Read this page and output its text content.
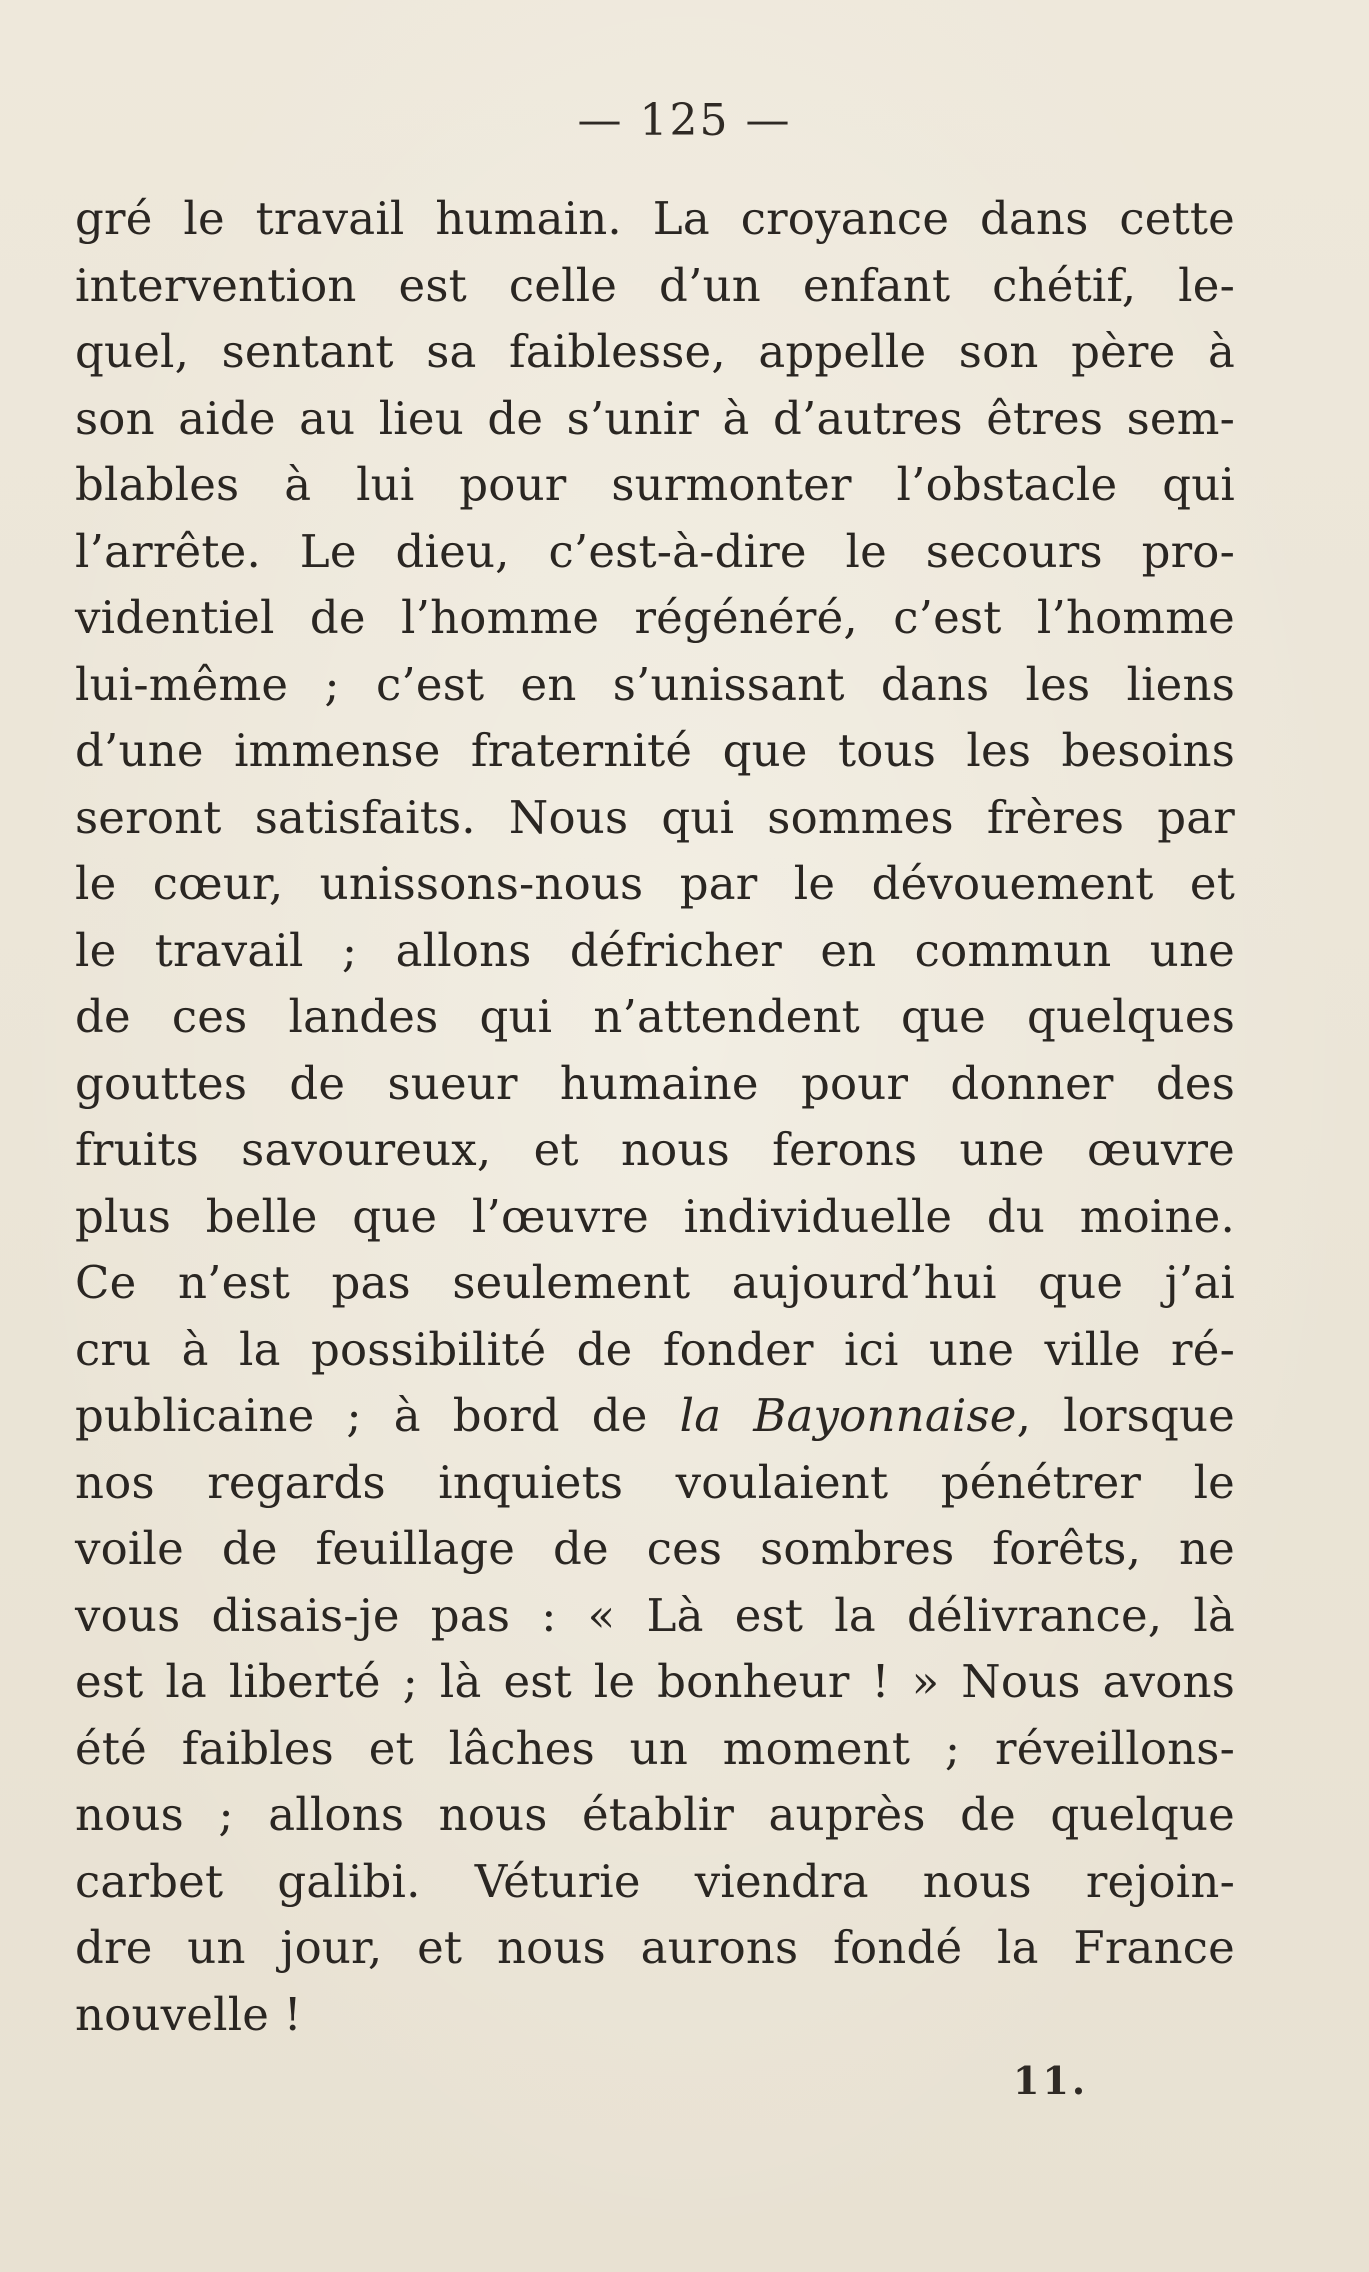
— 125 —
gré le travail humain. La croyance dans cette
intervention est celle d’un enfant chétif, le-
quel, sentant sa faiblesse, appelle son père à
son aide au lieu de s’unir à d’autres êtres sem-
blables à lui pour surmonter l’obstacle qui
l’arrête. Le dieu, c’est-à-dire le secours pro-
videntiel de l’homme régénéré, c’est l’homme
lui-même ; c’est en s’unissant dans les liens
d’une immense fraternité que tous les besoins
seront satisfaits. Nous qui sommes frères par
le cœur, unissons-nous par le dévouement et
le travail ; allons défricher en commun une
de ces landes qui n’attendent que quelques
gouttes de sueur humaine pour donner des
fruits savoureux, et nous ferons une œuvre
plus belle que l’œuvre individuelle du moine.
Ce n’est pas seulement aujourd’hui que j’ai
cru à la possibilité de fonder ici une ville ré-
publicaine ; à bord de la Bayonnaise, lorsque
nos regards inquiets voulaient pénétrer le
voile de feuillage de ces sombres forêts, ne
vous disais-je pas : « Là est la délivrance, là
est la liberté ; là est le bonheur ! » Nous avons
été faibles et lâches un moment ; réveillons-
nous ; allons nous établir auprès de quelque
carbet galibi. Véturie viendra nous rejoin-
dre un jour, et nous aurons fondé la France
nouvelle !
11.
